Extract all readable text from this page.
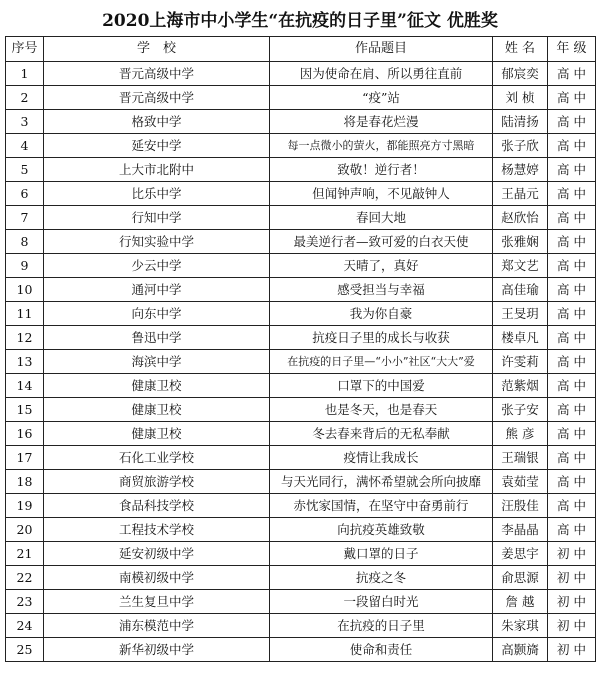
2020上海市中小学生“在抗疫的日子里”征文 优胜奖
序号	学　校	作品题目	姓 名	年 级
1	晋元高级中学	因为使命在肩、所以勇往直前	郁宸奕	高 中
2	晋元高级中学	“疫”站	刘 桢	高 中
3	格致中学	将是春花烂漫	陆清扬	高 中
4	延安中学	每一点微小的萤火，都能照亮方寸黑暗	张子欣	高 中
5	上大市北附中	致敬！逆行者！	杨慧婷	高 中
6	比乐中学	但闻钟声响，不见敲钟人	王晶元	高 中
7	行知中学	春回大地	赵欣怡	高 中
8	行知实验中学	最美逆行者—致可爱的白衣天使	张雅娴	高 中
9	少云中学	天晴了，真好	郑文艺	高 中
10	通河中学	感受担当与幸福	高佳瑜	高 中
11	向东中学	我为你自豪	王旻玥	高 中
12	鲁迅中学	抗疫日子里的成长与收获	楼卓凡	高 中
13	海滨中学	在抗疫的日子里—“小小”社区“大大”爱	许雯莉	高 中
14	健康卫校	口罩下的中国爱	范紫烟	高 中
15	健康卫校	也是冬天，也是春天	张子安	高 中
16	健康卫校	冬去春来背后的无私奉献	熊 彦	高 中
17	石化工业学校	疫情让我成长	王瑞银	高 中
18	商贸旅游学校	与天光同行，满怀希望就会所向披靡	袁茹莹	高 中
19	食品科技学校	赤忱家国情，在坚守中奋勇前行	汪殷佳	高 中
20	工程技术学校	向抗疫英雄致敬	李晶晶	高 中
21	延安初级中学	戴口罩的日子	姜思宇	初 中
22	南模初级中学	抗疫之冬	俞思源	初 中
23	兰生复旦中学	一段留白时光	詹 越	初 中
24	浦东模范中学	在抗疫的日子里	朱家琪	初 中
25	新华初级中学	使命和责任	高颢旖	初 中
